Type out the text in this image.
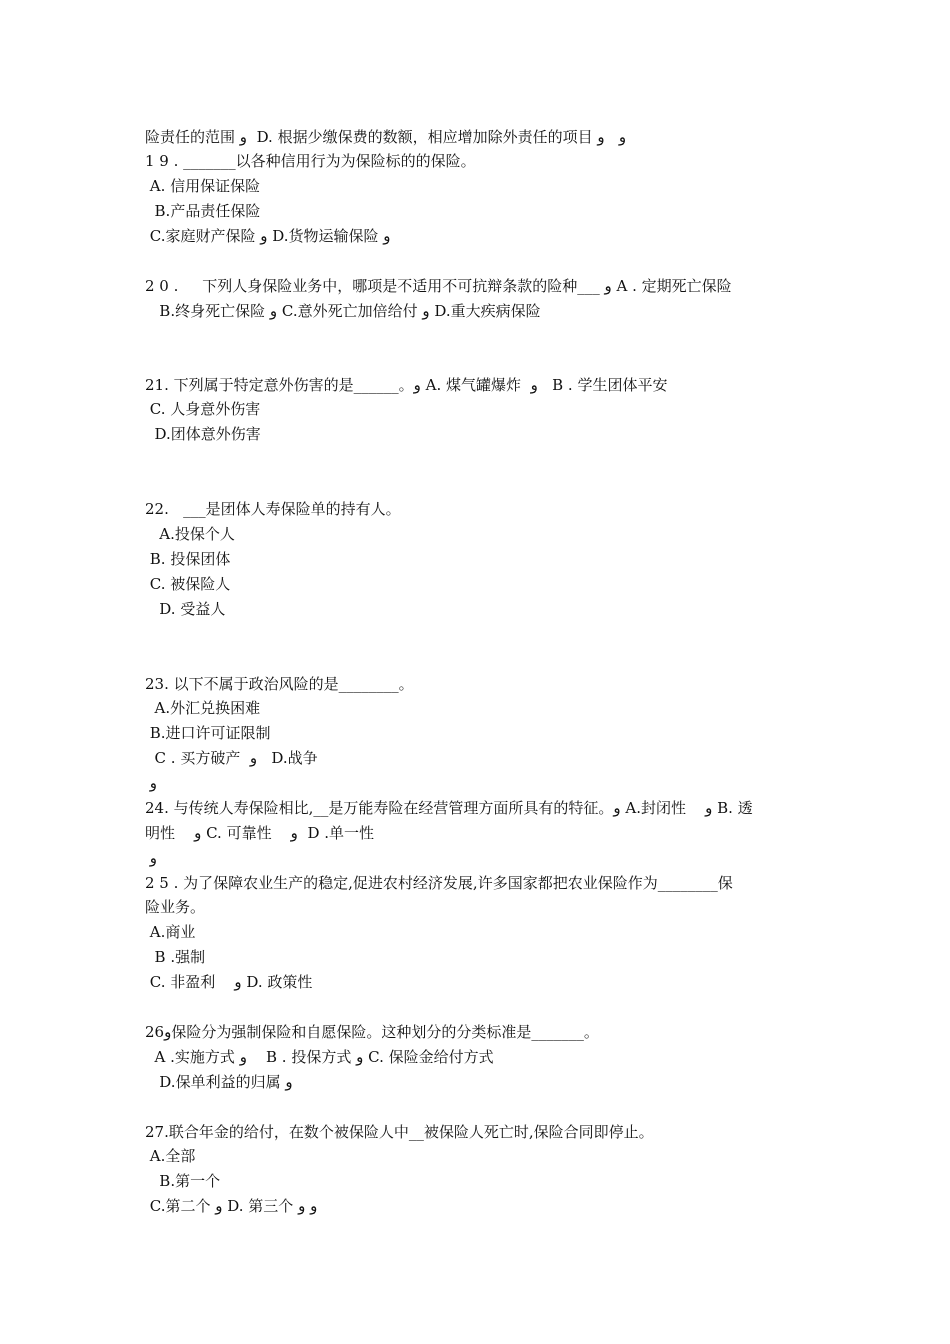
险责任的范围 و  D. 根据少缴保费的数额，相应增加除外责任的项目 و   و
1 9 . _______以各种信用行为为保险标的的保险。
A. 信用保证保险
B.产品责任保险
C.家庭财产保险 و D.货物运输保险 و
2 0 .     下列人身保险业务中，哪项是不适用不可抗辩条款的险种___ و A . 定期死亡保险
B.终身死亡保险 و C.意外死亡加倍给付 و D.重大疾病保险
21. 下列属于特定意外伤害的是______。و A. 煤气罐爆炸  و   B . 学生团体平安
C. 人身意外伤害
D.团体意外伤害
22.   ___是团体人寿保险单的持有人。
A.投保个人
B. 投保团体
C. 被保险人
D. 受益人
23. 以下不属于政治风险的是________。
A.外汇兑换困难
B.进口许可证限制
C . 买方破产  و   D.战争
و
24. 与传统人寿保险相比,__是万能寿险在经营管理方面所具有的特征。و A.封闭性    و B. 透
明性    و C. 可靠性    و  D .单一性
و
2 5 . 为了保障农业生产的稳定,促进农村经济发展,许多国家都把农业保险作为________保
险业务。
A.商业
B .强制
C. 非盈利    و D. 政策性
26و保险分为强制保险和自愿保险。这种划分的分类标准是_______。
A .实施方式 و    B . 投保方式 و C. 保险金给付方式
D.保单利益的归属 و
27.联合年金的给付，在数个被保险人中__被保险人死亡时,保险合同即停止。
A.全部
B.第一个
C.第二个 و D. 第三个 و و
